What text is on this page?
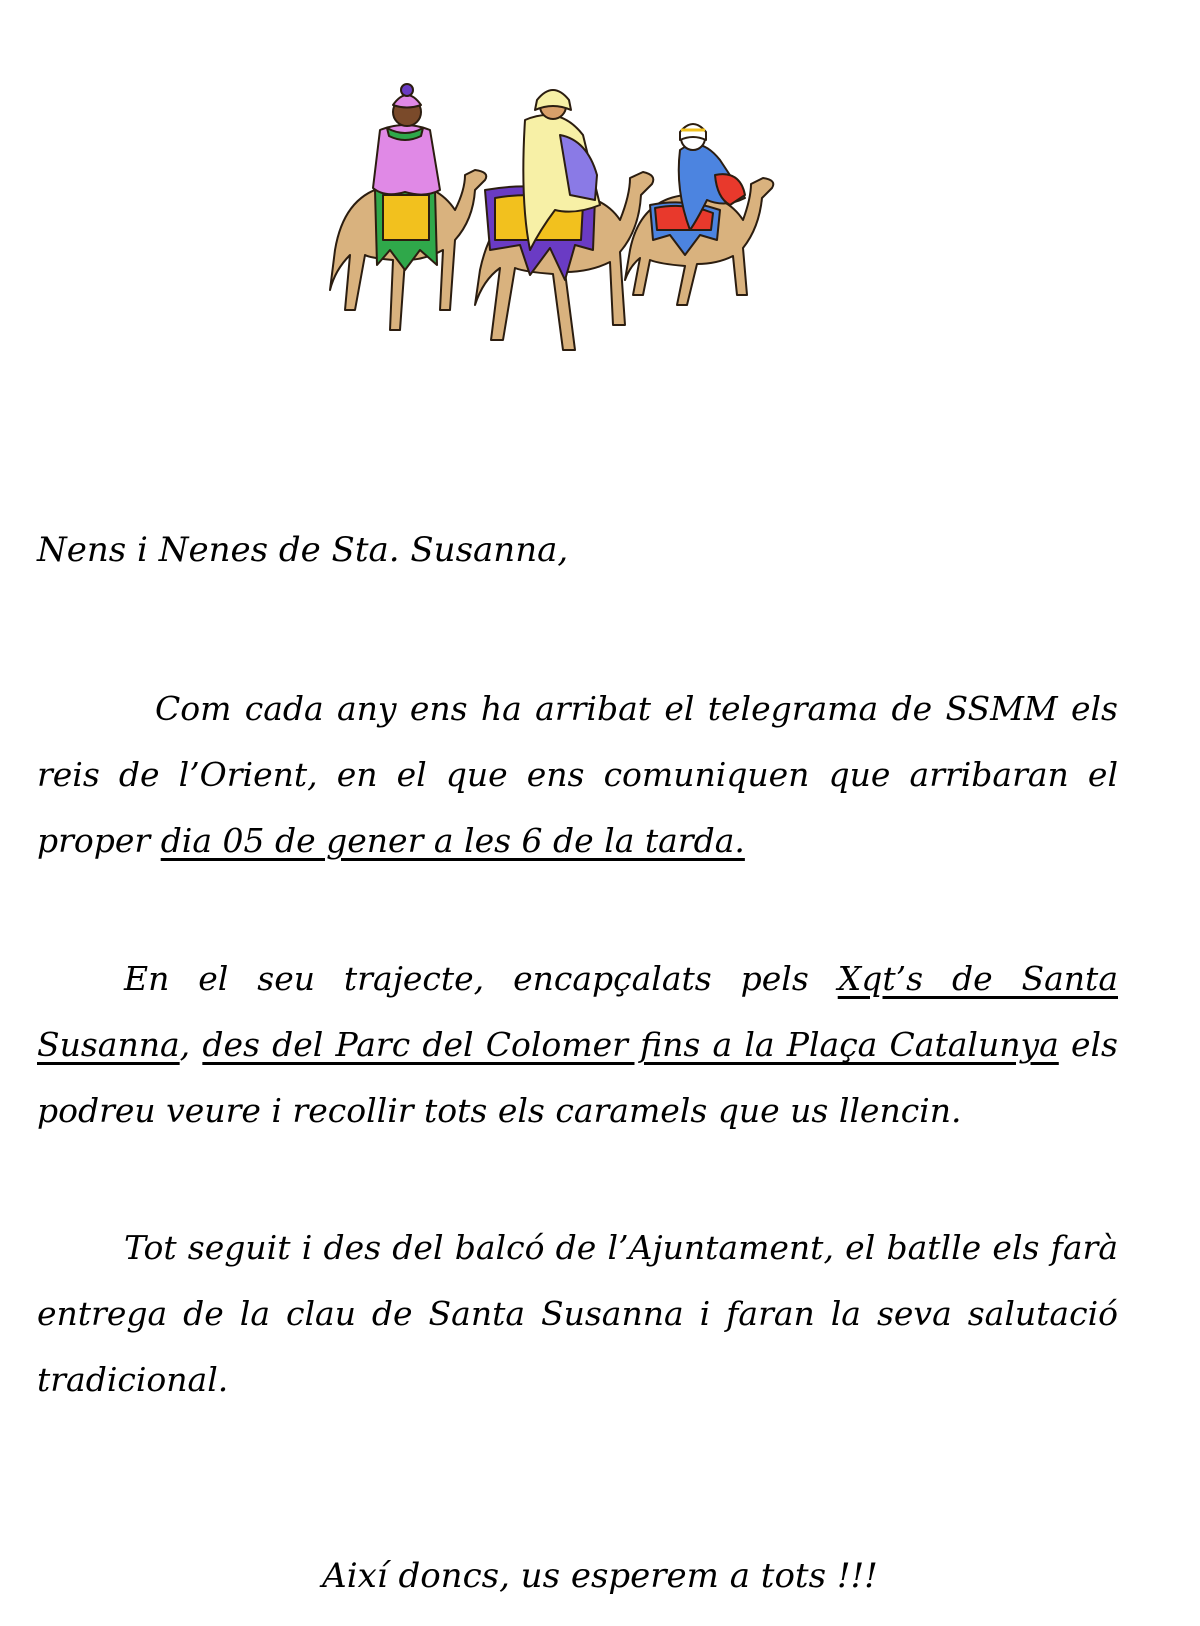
Nens i Nenes de Sta. Susanna,

Com cada any ens ha arribat el telegrama de SSMM els reis de l’Orient, en el que ens comuniquen que arribaran el proper dia 05 de gener a les 6 de la tarda.

En el seu trajecte, encapçalats pels Xqt’s de Santa Susanna, des del Parc del Colomer fins a la Plaça Catalunya els podreu veure i recollir tots els caramels que us llencin.

Tot seguit i des del balcó de l’Ajuntament, el batlle els farà entrega de la clau de Santa Susanna i faran la seva salutació tradicional.

Així doncs, us esperem a tots !!!
